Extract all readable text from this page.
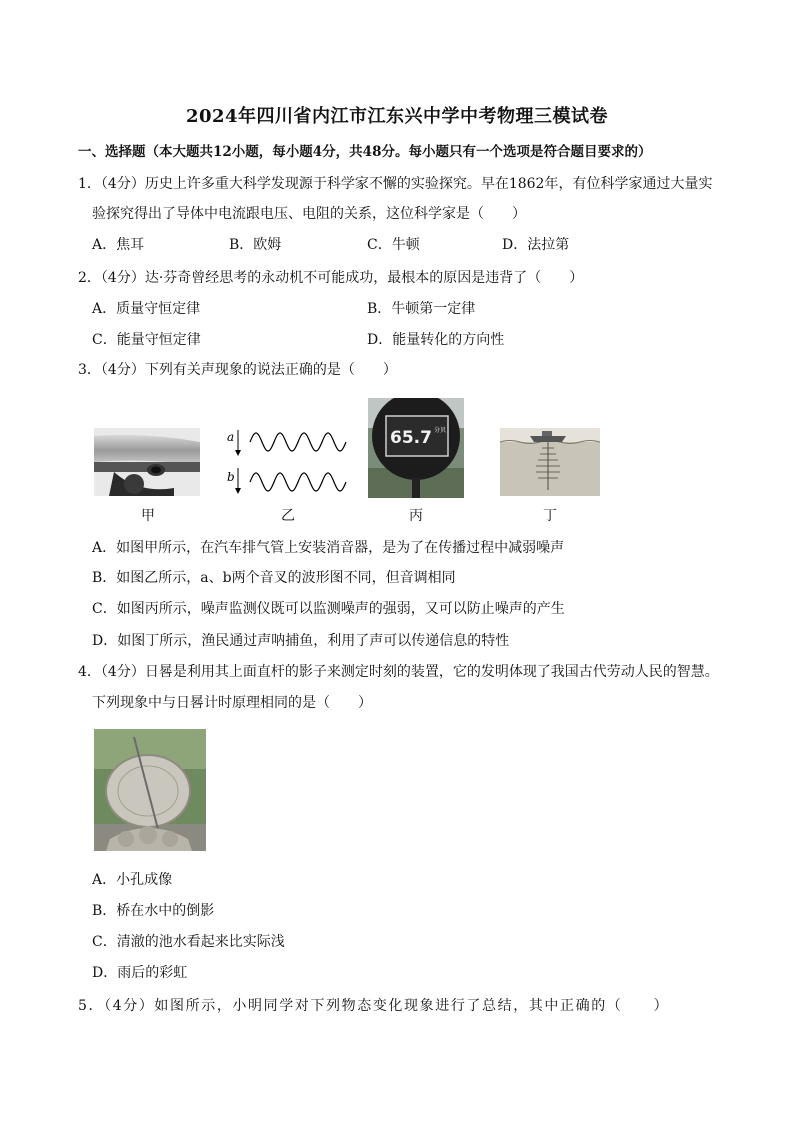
2024年四川省内江市江东兴中学中考物理三模试卷
一、选择题（本大题共12小题，每小题4分，共48分。每小题只有一个选项是符合题目要求的）
1．（4分）历史上许多重大科学发现源于科学家不懈的实验探究。早在1862年，有位科学家通过大量实
验探究得出了导体中电流跟电压、电阻的关系，这位科学家是（　　）
A．焦耳	B．欧姆	C．牛顿	D．法拉第
2．（4分）达·芬奇曾经思考的永动机不可能成功，最根本的原因是违背了（　　）
A．质量守恒定律	B．牛顿第一定律
C．能量守恒定律	D．能量转化的方向性
3．（4分）下列有关声现象的说法正确的是（　　）
甲
a
b
乙
65.7 分贝
丙	丁
A．如图甲所示，在汽车排气管上安装消音器，是为了在传播过程中减弱噪声
B．如图乙所示，a、b两个音叉的波形图不同，但音调相同
C．如图丙所示，噪声监测仪既可以监测噪声的强弱，又可以防止噪声的产生
D．如图丁所示，渔民通过声呐捕鱼，利用了声可以传递信息的特性
4．（4分）日晷是利用其上面直杆的影子来测定时刻的装置，它的发明体现了我国古代劳动人民的智慧。
下列现象中与日晷计时原理相同的是（　　）
A．小孔成像
B．桥在水中的倒影
C．清澈的池水看起来比实际浅
D．雨后的彩虹
5．（4分）如图所示，小明同学对下列物态变化现象进行了总结，其中正确的（　　）
